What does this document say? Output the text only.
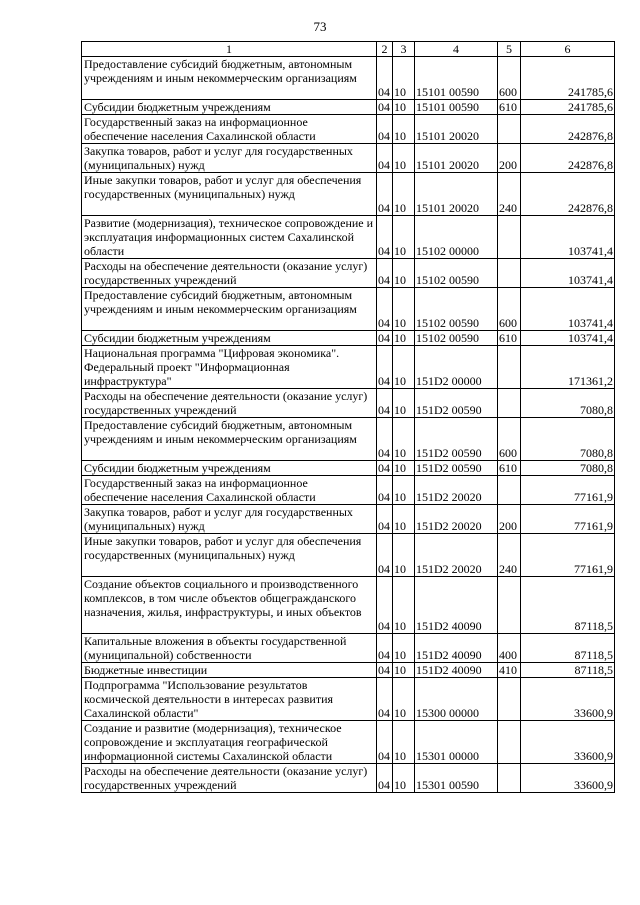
73
1	2	3	4	5	6
Предоставление субсидий бюджетным, автономным учреждениям и иным некоммерческим организациям	04	10	15101 00590	600	241785,6
Субсидии бюджетным учреждениям	04	10	15101 00590	610	241785,6
Государственный заказ на информационное обеспечение населения Сахалинской области	04	10	15101 20020		242876,8
Закупка товаров, работ и услуг для государственных (муниципальных) нужд	04	10	15101 20020	200	242876,8
Иные закупки товаров, работ и услуг для обеспечения государственных (муниципальных) нужд	04	10	15101 20020	240	242876,8
Развитие (модернизация), техническое сопровождение и эксплуатация информационных систем Сахалинской области	04	10	15102 00000		103741,4
Расходы на обеспечение деятельности (оказание услуг) государственных учреждений	04	10	15102 00590		103741,4
Предоставление субсидий бюджетным, автономным учреждениям и иным некоммерческим организациям	04	10	15102 00590	600	103741,4
Субсидии бюджетным учреждениям	04	10	15102 00590	610	103741,4
Национальная программа "Цифровая экономика". Федеральный проект "Информационная инфраструктура"	04	10	151D2 00000		171361,2
Расходы на обеспечение деятельности (оказание услуг) государственных учреждений	04	10	151D2 00590		7080,8
Предоставление субсидий бюджетным, автономным учреждениям и иным некоммерческим организациям	04	10	151D2 00590	600	7080,8
Субсидии бюджетным учреждениям	04	10	151D2 00590	610	7080,8
Государственный заказ на информационное обеспечение населения Сахалинской области	04	10	151D2 20020		77161,9
Закупка товаров, работ и услуг для государственных (муниципальных) нужд	04	10	151D2 20020	200	77161,9
Иные закупки товаров, работ и услуг для обеспечения государственных (муниципальных) нужд	04	10	151D2 20020	240	77161,9
Создание объектов социального и производственного комплексов, в том числе объектов общегражданского назначения, жилья, инфраструктуры, и иных объектов	04	10	151D2 40090		87118,5
Капитальные вложения в объекты государственной (муниципальной) собственности	04	10	151D2 40090	400	87118,5
Бюджетные инвестиции	04	10	151D2 40090	410	87118,5
Подпрограмма "Использование результатов космической деятельности в интересах развития Сахалинской области"	04	10	15300 00000		33600,9
Создание и развитие (модернизация), техническое сопровождение и эксплуатация географической информационной системы Сахалинской области	04	10	15301 00000		33600,9
Расходы на обеспечение деятельности (оказание услуг) государственных учреждений	04	10	15301 00590		33600,9
